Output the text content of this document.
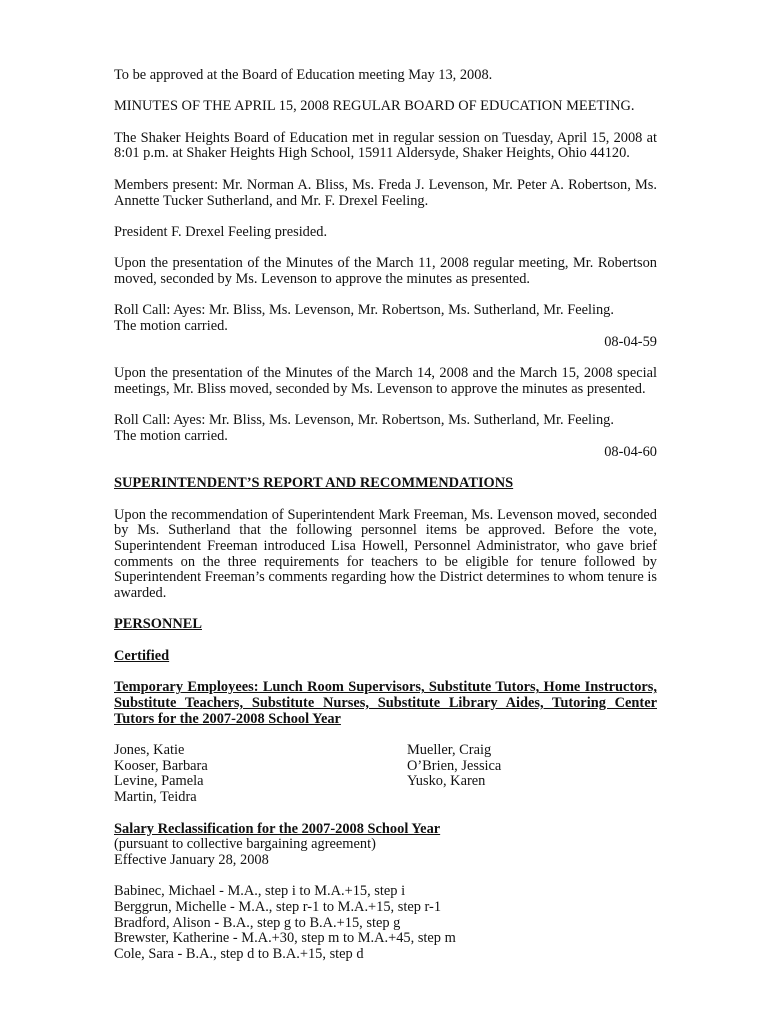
To be approved at the Board of Education meeting May 13, 2008.

MINUTES OF THE APRIL 15, 2008 REGULAR BOARD OF EDUCATION MEETING.

The Shaker Heights Board of Education met in regular session on Tuesday, April 15, 2008 at 8:01 p.m. at Shaker Heights High School, 15911 Aldersyde, Shaker Heights, Ohio 44120.

Members present: Mr. Norman A. Bliss, Ms. Freda J. Levenson, Mr. Peter A. Robertson, Ms. Annette Tucker Sutherland, and Mr. F. Drexel Feeling.

President F. Drexel Feeling presided.

Upon the presentation of the Minutes of the March 11, 2008 regular meeting, Mr. Robertson moved, seconded by Ms. Levenson to approve the minutes as presented.

Roll Call: Ayes: Mr. Bliss, Ms. Levenson, Mr. Robertson, Ms. Sutherland, Mr. Feeling.
The motion carried.
08-04-59

Upon the presentation of the Minutes of the March 14, 2008 and the March 15, 2008 special meetings, Mr. Bliss moved, seconded by Ms. Levenson to approve the minutes as presented.

Roll Call: Ayes: Mr. Bliss, Ms. Levenson, Mr. Robertson, Ms. Sutherland, Mr. Feeling.
The motion carried.
08-04-60

SUPERINTENDENT’S REPORT AND RECOMMENDATIONS

Upon the recommendation of Superintendent Mark Freeman, Ms. Levenson moved, seconded by Ms. Sutherland that the following personnel items be approved. Before the vote, Superintendent Freeman introduced Lisa Howell, Personnel Administrator, who gave brief comments on the three requirements for teachers to be eligible for tenure followed by Superintendent Freeman’s comments regarding how the District determines to whom tenure is awarded.

PERSONNEL

Certified

Temporary Employees: Lunch Room Supervisors, Substitute Tutors, Home Instructors, Substitute Teachers, Substitute Nurses, Substitute Library Aides, Tutoring Center Tutors for the 2007-2008 School Year

Jones, Katie
Kooser, Barbara
Levine, Pamela
Martin, Teidra
Mueller, Craig
O’Brien, Jessica
Yusko, Karen
Salary Reclassification for the 2007-2008 School Year
(pursuant to collective bargaining agreement)
Effective January 28, 2008
Babinec, Michael - M.A., step i to M.A.+15, step i
Berggrun, Michelle - M.A., step r-1 to M.A.+15, step r-1
Bradford, Alison - B.A., step g to B.A.+15, step g
Brewster, Katherine - M.A.+30, step m to M.A.+45, step m
Cole, Sara - B.A., step d to B.A.+15, step d
